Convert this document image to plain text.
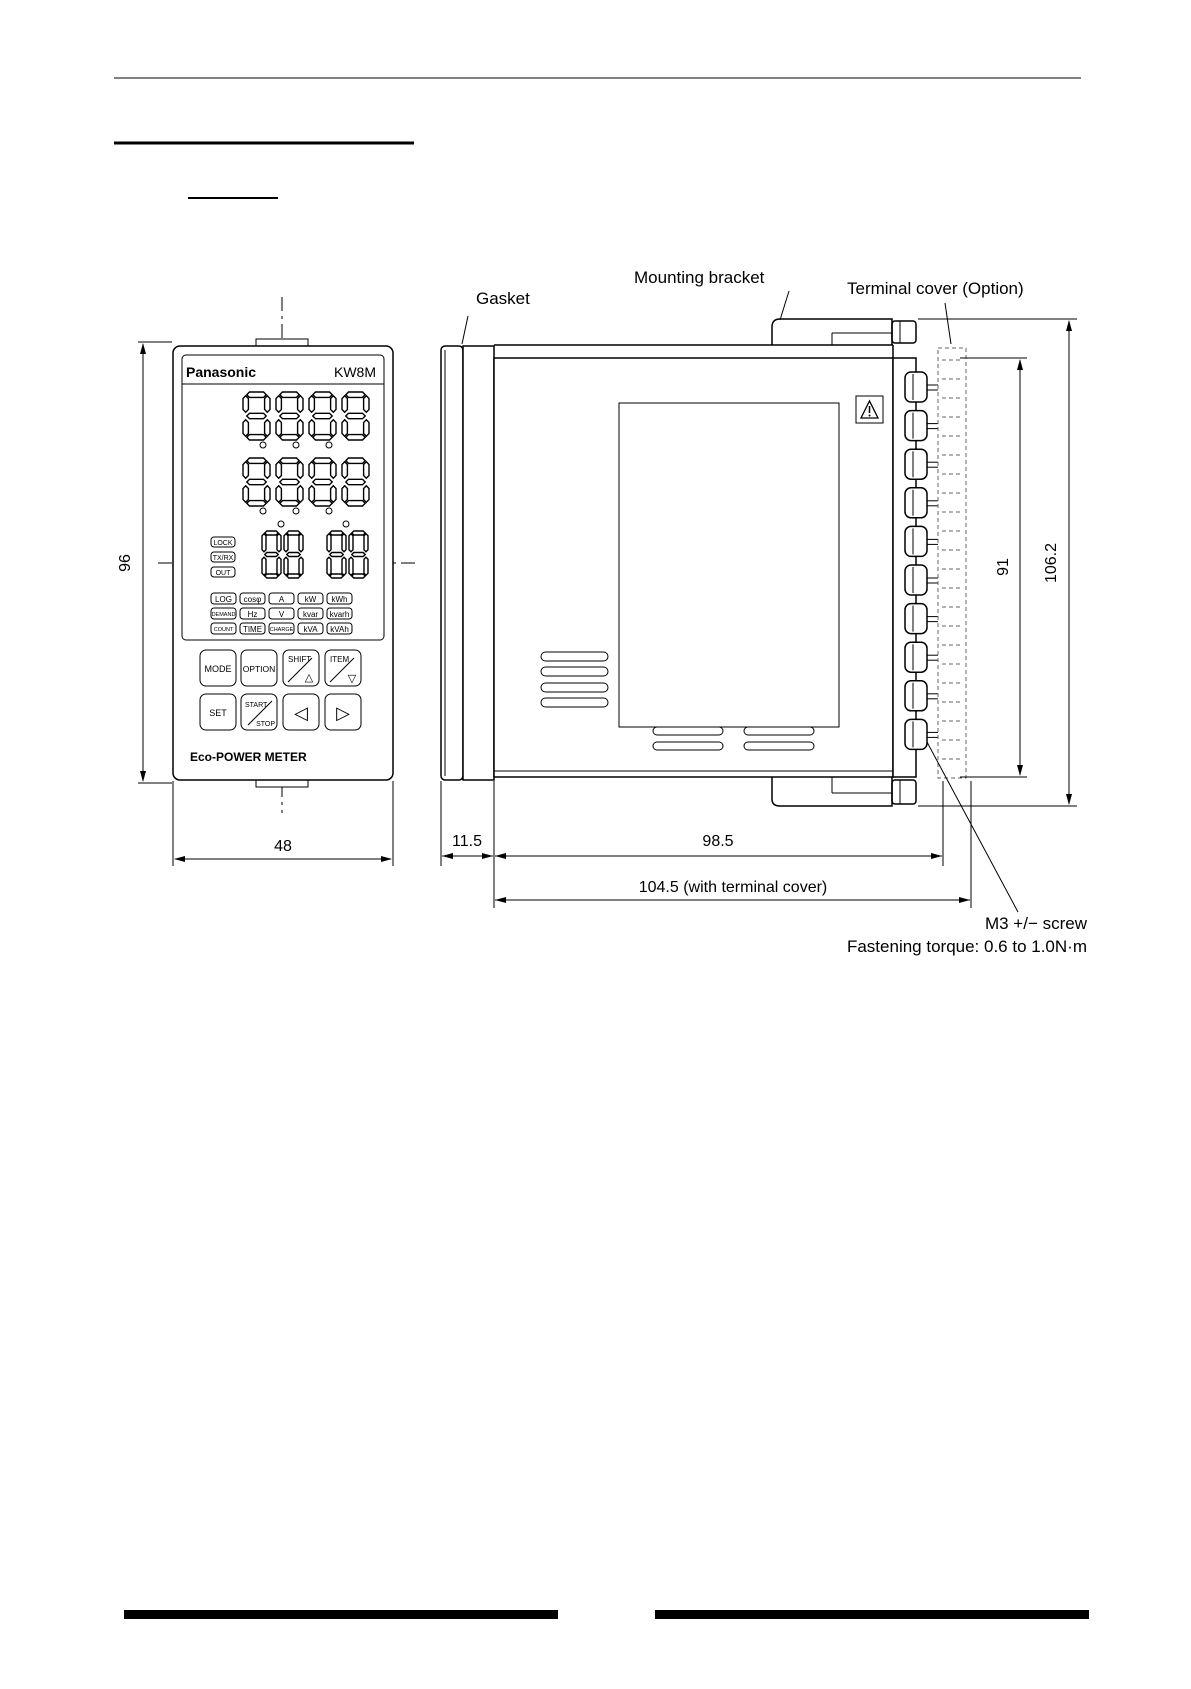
Panasonic	KW8M
LOCK
TX/RX
OUT
LOG cosφ A	kW kWh
DEMAND Hz	V kvar kvarh
COUNT TIME CHARGE kVA kVAh
MODE OPTION
SHIFT
△
ITEM
▽
SET
START
STOP
◁ ▷
Eco-POWER METER
96
48
Gasket
Mounting bracket
Terminal cover (Option)
M3 +/− screw
Fastening torque: 0.6 to 1.0N·m
11.5	98.5
104.5 (with terminal cover)
91 106.2
